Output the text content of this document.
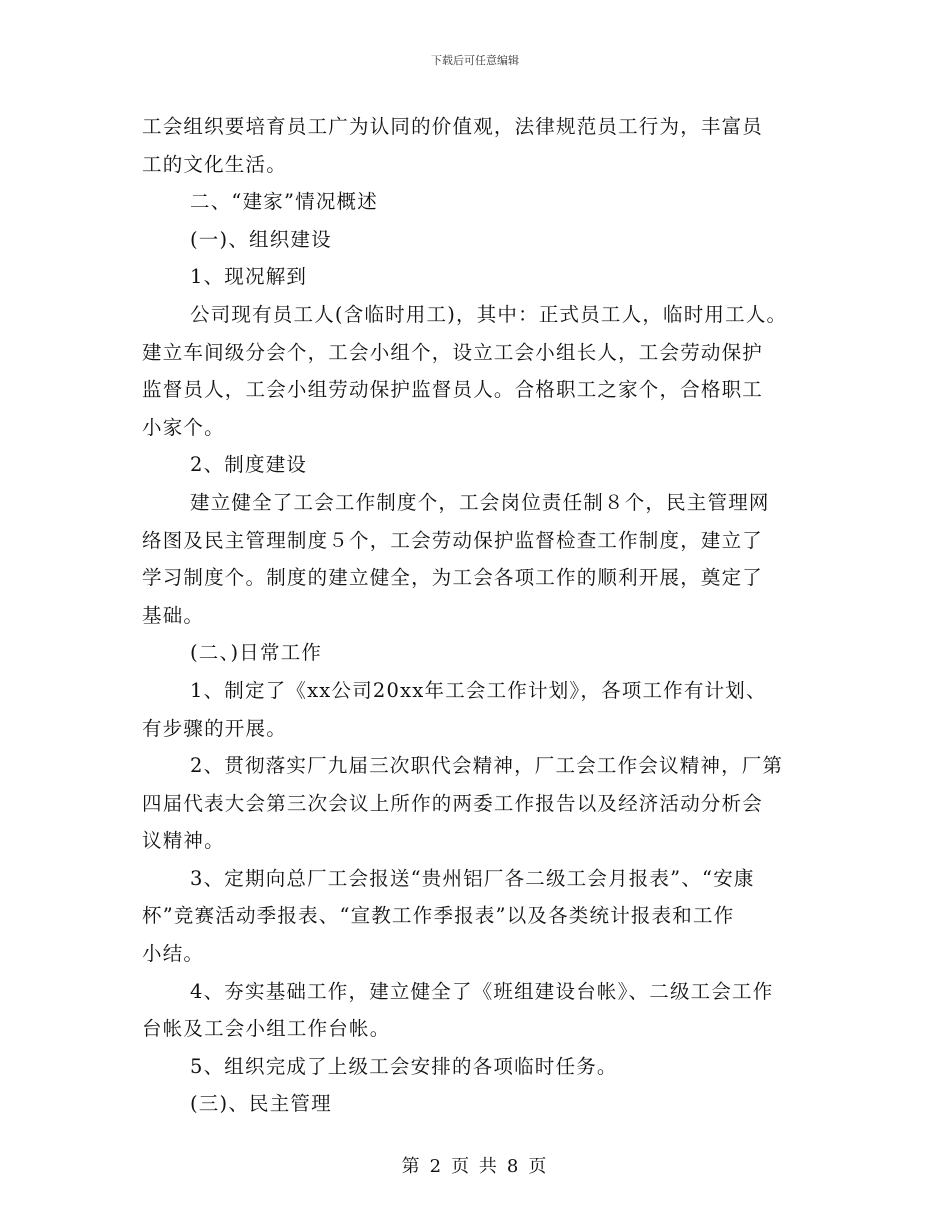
下载后可任意编辑
工会组织要培育员工广为认同的价值观，法律规范员工行为，丰富员
工的文化生活。
二、“建家”情况概述
(一)、组织建设
1、现况解到
公司现有员工人(含临时用工)，其中：正式员工人，临时用工人。
建立车间级分会个，工会小组个，设立工会小组长人，工会劳动保护
监督员人，工会小组劳动保护监督员人。合格职工之家个，合格职工
小家个。
2、制度建设
建立健全了工会工作制度个，工会岗位责任制８个，民主管理网
络图及民主管理制度５个，工会劳动保护监督检查工作制度，建立了
学习制度个。制度的建立健全，为工会各项工作的顺利开展，奠定了
基础。
(二、)日常工作
1、制定了《xx公司20xx年工会工作计划》，各项工作有计划、
有步骤的开展。
2、贯彻落实厂九届三次职代会精神，厂工会工作会议精神，厂第
四届代表大会第三次会议上所作的两委工作报告以及经济活动分析会
议精神。
3、定期向总厂工会报送“贵州铝厂各二级工会月报表”、“安康
杯”竞赛活动季报表、“宣教工作季报表”以及各类统计报表和工作
小结。
4、夯实基础工作，建立健全了《班组建设台帐》、二级工会工作
台帐及工会小组工作台帐。
5、组织完成了上级工会安排的各项临时任务。
(三)、民主管理
第 2 页 共 8 页
